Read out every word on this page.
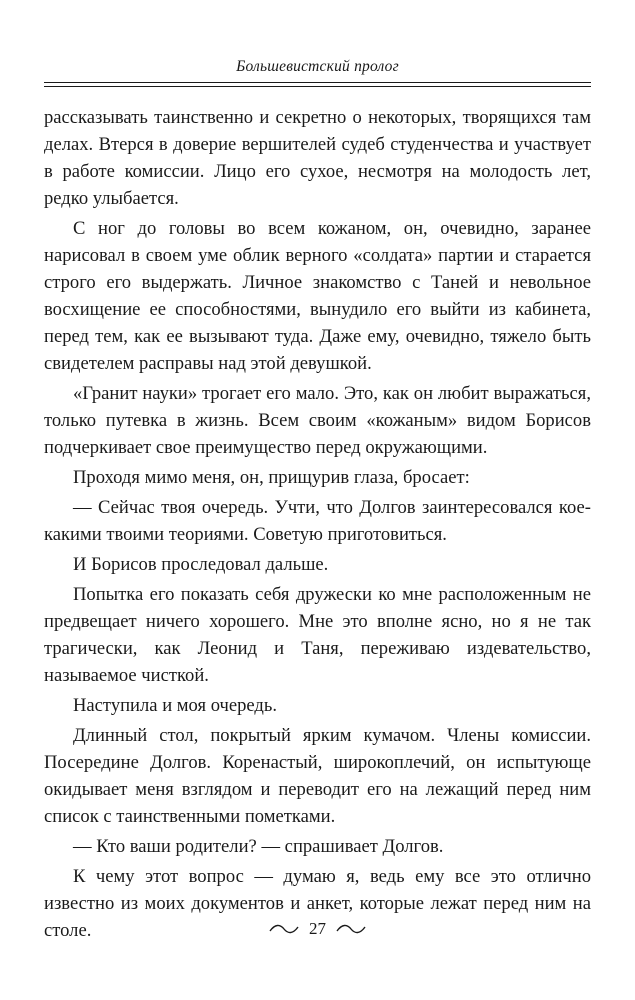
Большевистский пролог

рассказывать таинственно и секретно о некоторых, творящихся там делах. Втерся в доверие вершителей судеб студенчества и участвует в работе комиссии. Лицо его сухое, несмотря на молодость лет, редко улыбается.

С ног до головы во всем кожаном, он, очевидно, заранее нарисовал в своем уме облик верного «солдата» партии и старается строго его выдержать. Личное знакомство с Таней и невольное восхищение ее способностями, вынудило его выйти из кабинета, перед тем, как ее вызывают туда. Даже ему, очевидно, тяжело быть свидетелем расправы над этой девушкой.

«Гранит науки» трогает его мало. Это, как он любит выражаться, только путевка в жизнь. Всем своим «кожаным» видом Борисов подчеркивает свое преимущество перед окружающими.

Проходя мимо меня, он, прищурив глаза, бросает:

— Сейчас твоя очередь. Учти, что Долгов заинтересовался кое-какими твоими теориями. Советую приготовиться.

И Борисов проследовал дальше.

Попытка его показать себя дружески ко мне расположенным не предвещает ничего хорошего. Мне это вполне ясно, но я не так трагически, как Леонид и Таня, переживаю издевательство, называемое чисткой.

Наступила и моя очередь.

Длинный стол, покрытый ярким кумачом. Члены комиссии. Посередине Долгов. Коренастый, широкоплечий, он испытующе окидывает меня взглядом и переводит его на лежащий перед ним список с таинственными пометками.

— Кто ваши родители? — спрашивает Долгов.

К чему этот вопрос — думаю я, ведь ему все это отлично известно из моих документов и анкет, которые лежат перед ним на столе.	27
